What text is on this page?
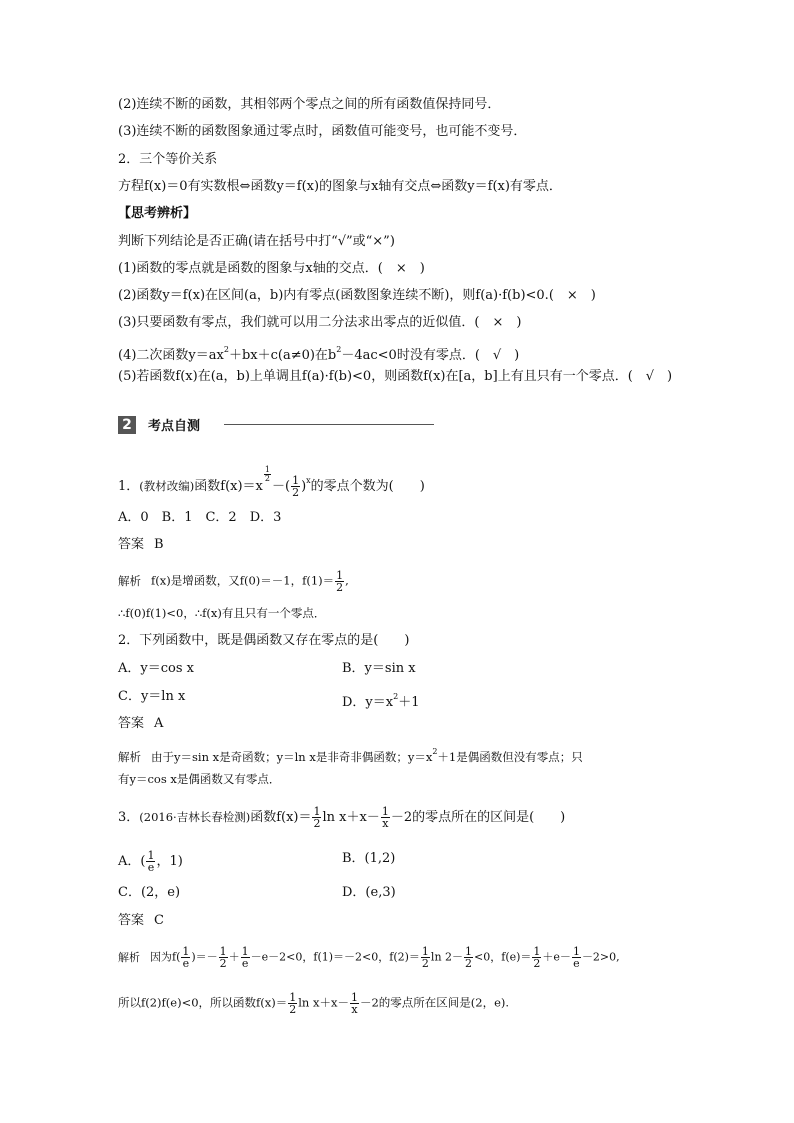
(2)连续不断的函数，其相邻两个零点之间的所有函数值保持同号．
(3)连续不断的函数图象通过零点时，函数值可能变号，也可能不变号．
2．三个等价关系
方程f(x)＝0有实数根⇔函数y＝f(x)的图象与x轴有交点⇔函数y＝f(x)有零点．
【思考辨析】
判断下列结论是否正确(请在括号中打“√”或“×”)
(1)函数的零点就是函数的图象与x轴的交点．(　×　)
(2)函数y＝f(x)在区间(a，b)内有零点(函数图象连续不断)，则f(a)·f(b)<0.(　×　)
(3)只要函数有零点，我们就可以用二分法求出零点的近似值．(　×　)
(4)二次函数$y=ax^2+bx+c(a\ne 0)$在$b^2-4ac<0$时没有零点．(　√　)
(5)若函数f(x)在(a，b)上单调且f(a)·f(b)<0，则函数f(x)在[a，b]上有且只有一个零点．(　√　)
2 考点自测
1．(教材改编)函数f(x)＝x
$\frac{1}{2}$
－( $\frac{1}{2} )^x$的零点个数为(　　)
A．0　B．1　C．2　D．3
答案 B
解析 f(x)是增函数，又f(0)＝－1，$f(1)= \frac{1}{2}$ ,
∴f(0)f(1)<0，∴f(x)有且只有一个零点．
2．下列函数中，既是偶函数又存在零点的是(　　)
A．y＝cos x	B．y＝sin x
C．y＝ln x	D．$y=x^2+1$
答案 A
解析 由于y＝sin x是奇函数；y＝ln x是非奇非偶函数；$y=x^2+1$是偶函数但没有零点；只
有y＝cos x是偶函数又有零点．
3．(2016·吉林长春检测)函数$f(x)= \frac{1}{2}$ $\ln x+x- \frac{1}{x} -2$的零点所在的区间是(　　)
A．( $\frac{1}{e}$ ，1)	B．(1,2)
C．(2，e)	D．(e,3)
答案 C
解析 因为$f( \frac{1}{e}$ )＝－ $\frac{1}{2} + \frac{1}{e} -e-2<0$，f(1)＝－2<0，$f(2)= \frac{1}{2}$ $\ln 2- \frac{1}{2} <0$，$f(e)= \frac{1}{2} +e- \frac{1}{e} -2>0$,
所以f(2)f(e)<0，所以函数$f(x)= \frac{1}{2}$ $\ln x+x- \frac{1}{x} -2$的零点所在区间是(2，e).
